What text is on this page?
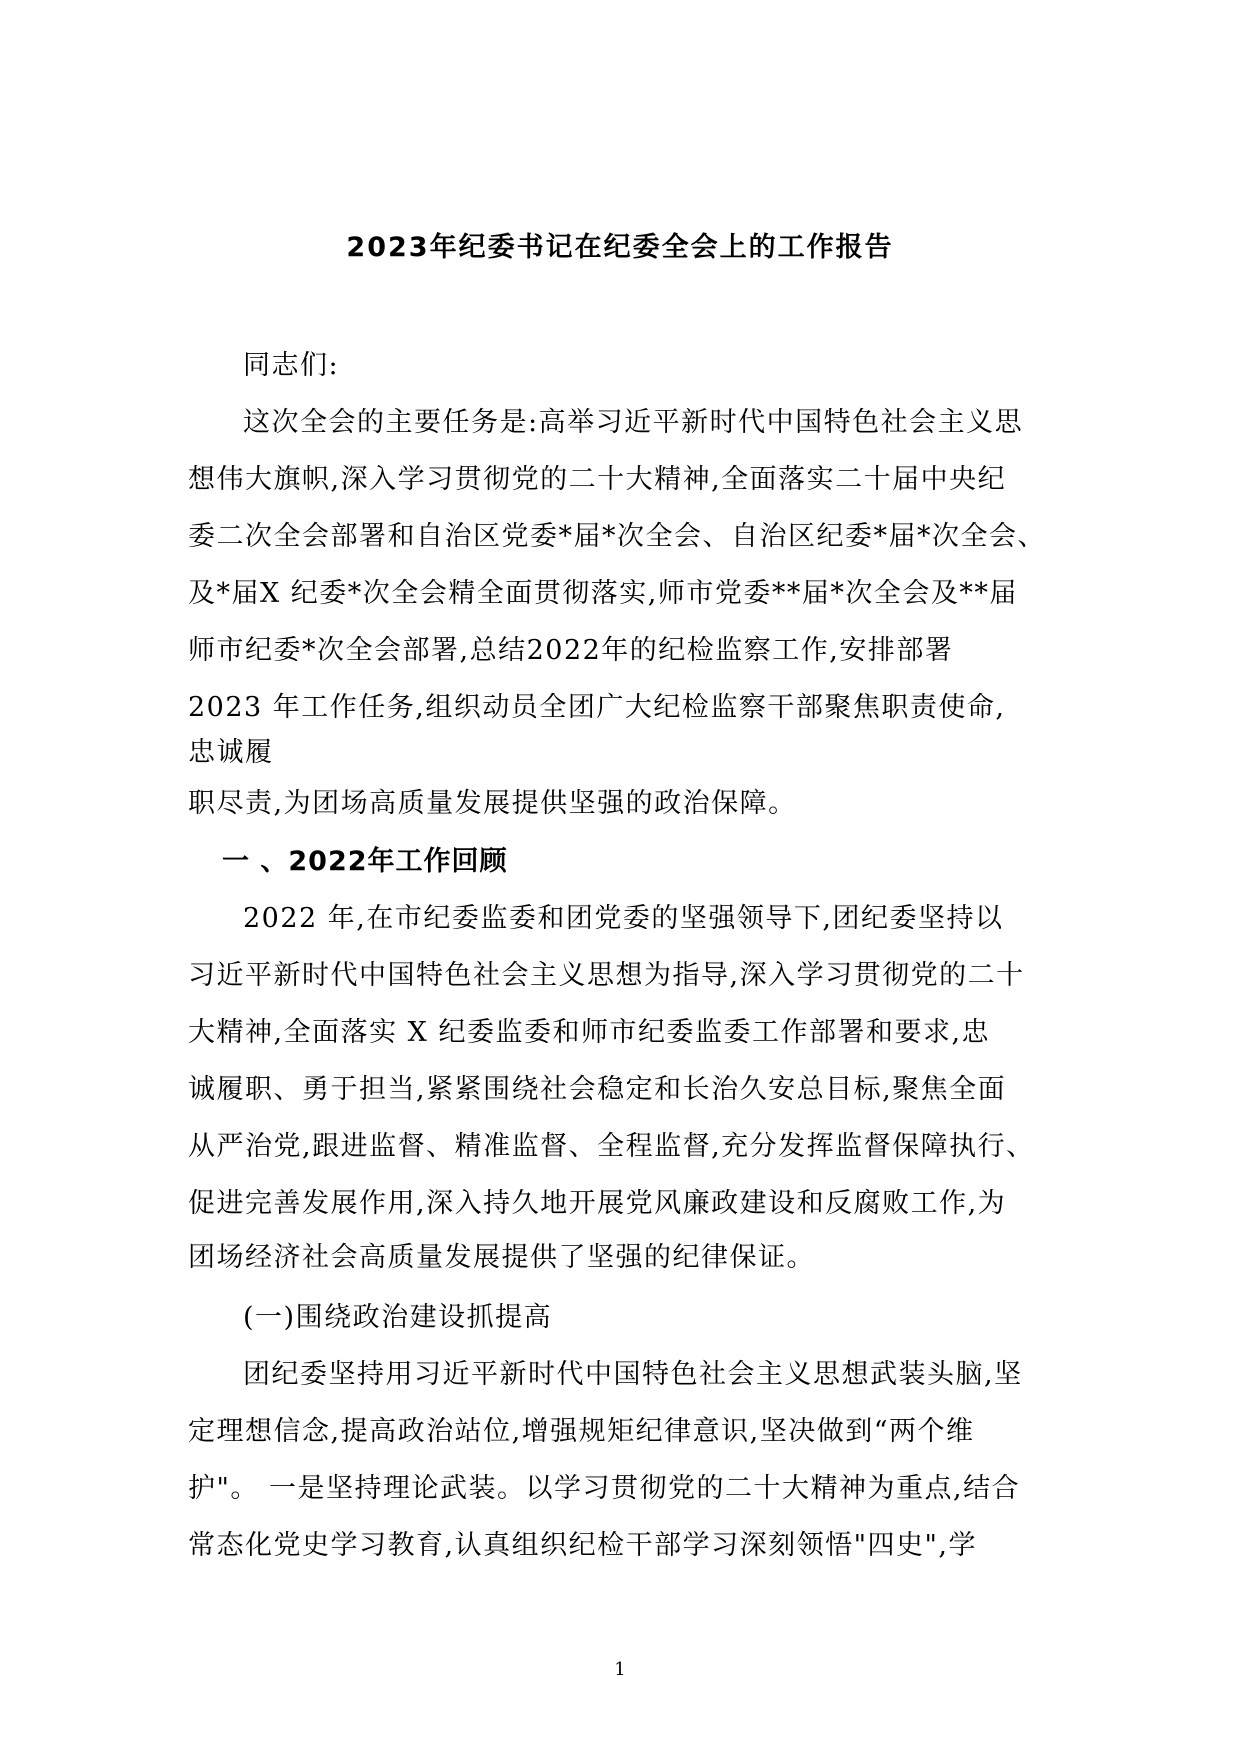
2023年纪委书记在纪委全会上的工作报告
同志们:
这次全会的主要任务是:高举习近平新时代中国特色社会主义思
想伟大旗帜,深入学习贯彻党的二十大精神,全面落实二十届中央纪
委二次全会部署和自治区党委*届*次全会、自治区纪委*届*次全会、
及*届X 纪委*次全会精全面贯彻落实,师市党委**届*次全会及**届
师市纪委*次全会部署,总结2022年的纪检监察工作,安排部署
2023 年工作任务,组织动员全团广大纪检监察干部聚焦职责使命,
忠诚履
职尽责,为团场高质量发展提供坚强的政治保障。
一 、2022年工作回顾
2022 年,在市纪委监委和团党委的坚强领导下,团纪委坚持以
习近平新时代中国特色社会主义思想为指导,深入学习贯彻党的二十
大精神,全面落实 X 纪委监委和师市纪委监委工作部署和要求,忠
诚履职、勇于担当,紧紧围绕社会稳定和长治久安总目标,聚焦全面
从严治党,跟进监督、精准监督、全程监督,充分发挥监督保障执行、
促进完善发展作用,深入持久地开展党风廉政建设和反腐败工作,为
团场经济社会高质量发展提供了坚强的纪律保证。
(一)围绕政治建设抓提高
团纪委坚持用习近平新时代中国特色社会主义思想武装头脑,坚
定理想信念,提高政治站位,增强规矩纪律意识,坚决做到“两个维
护"。 一是坚持理论武装。以学习贯彻党的二十大精神为重点,结合
常态化党史学习教育,认真组织纪检干部学习深刻领悟"四史",学
1
